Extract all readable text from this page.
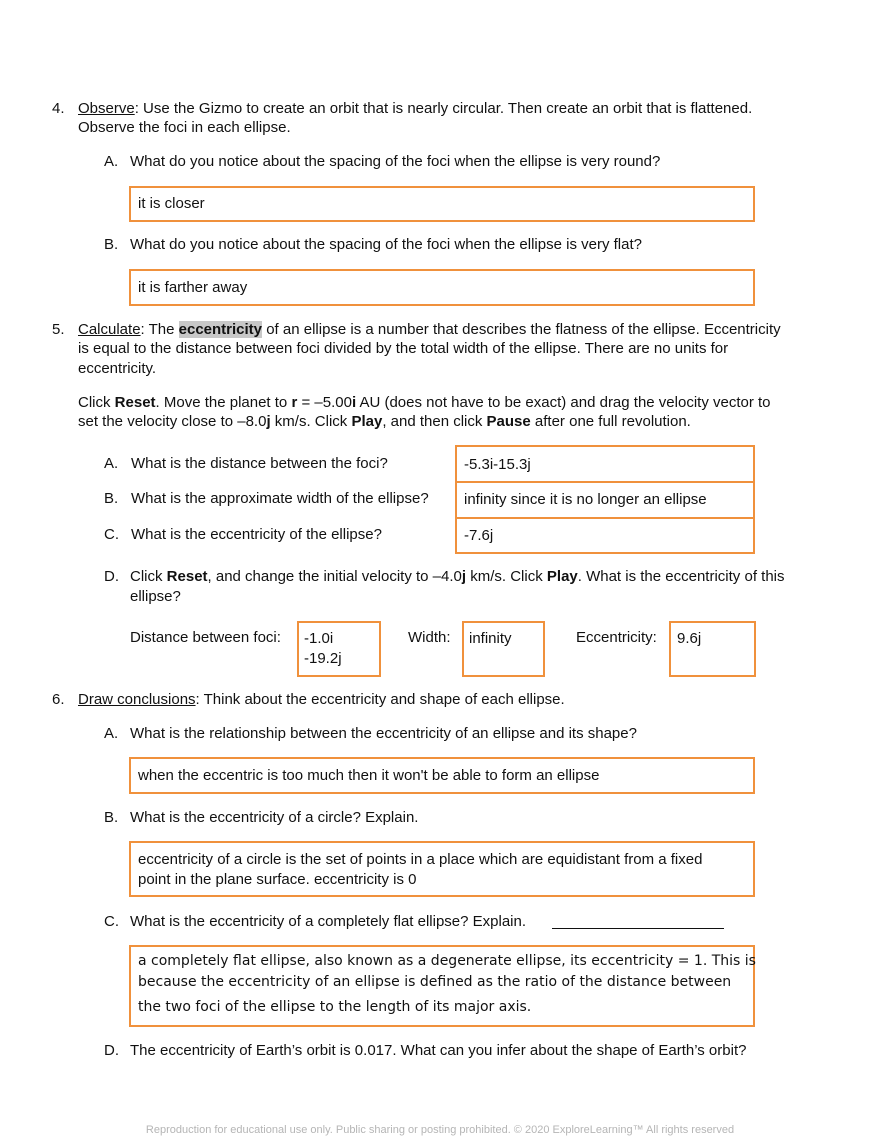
4. Observe: Use the Gizmo to create an orbit that is nearly circular. Then create an orbit that is flattened.
Observe the foci in each ellipse.
A. What do you notice about the spacing of the foci when the ellipse is very round?
it is closer
B. What do you notice about the spacing of the foci when the ellipse is very flat?
it is farther away
5. Calculate: The eccentricity of an ellipse is a number that describes the flatness of the ellipse. Eccentricity
is equal to the distance between foci divided by the total width of the ellipse. There are no units for
eccentricity.
Click Reset. Move the planet to r = –5.00i AU (does not have to be exact) and drag the velocity vector to
set the velocity close to –8.0j km/s. Click Play, and then click Pause after one full revolution.
A. What is the distance between the foci?	-5.3i-15.3j
B. What is the approximate width of the ellipse? infinity since it is no longer an ellipse
C. What is the eccentricity of the ellipse?	-7.6j
D. Click Reset, and change the initial velocity to –4.0j km/s. Click Play. What is the eccentricity of this
ellipse?
Distance between foci: -1.0i
-19.2j
Width: infinity	Eccentricity: 9.6j
6. Draw conclusions: Think about the eccentricity and shape of each ellipse.
A. What is the relationship between the eccentricity of an ellipse and its shape?
when the eccentric is too much then it won't be able to form an ellipse
B. What is the eccentricity of a circle? Explain.
eccentricity of a circle is the set of points in a place which are equidistant from a fixed
point in the plane surface. eccentricity is 0
C. What is the eccentricity of a completely flat ellipse? Explain.
a completely flat ellipse, also known as a degenerate ellipse, its eccentricity = 1. This is
because the eccentricity of an ellipse is defined as the ratio of the distance between
the two foci of the ellipse to the length of its major axis.
D. The eccentricity of Earth’s orbit is 0.017. What can you infer about the shape of Earth’s orbit?
Reproduction for educational use only. Public sharing or posting prohibited. © 2020 ExploreLearning™ All rights reserved
